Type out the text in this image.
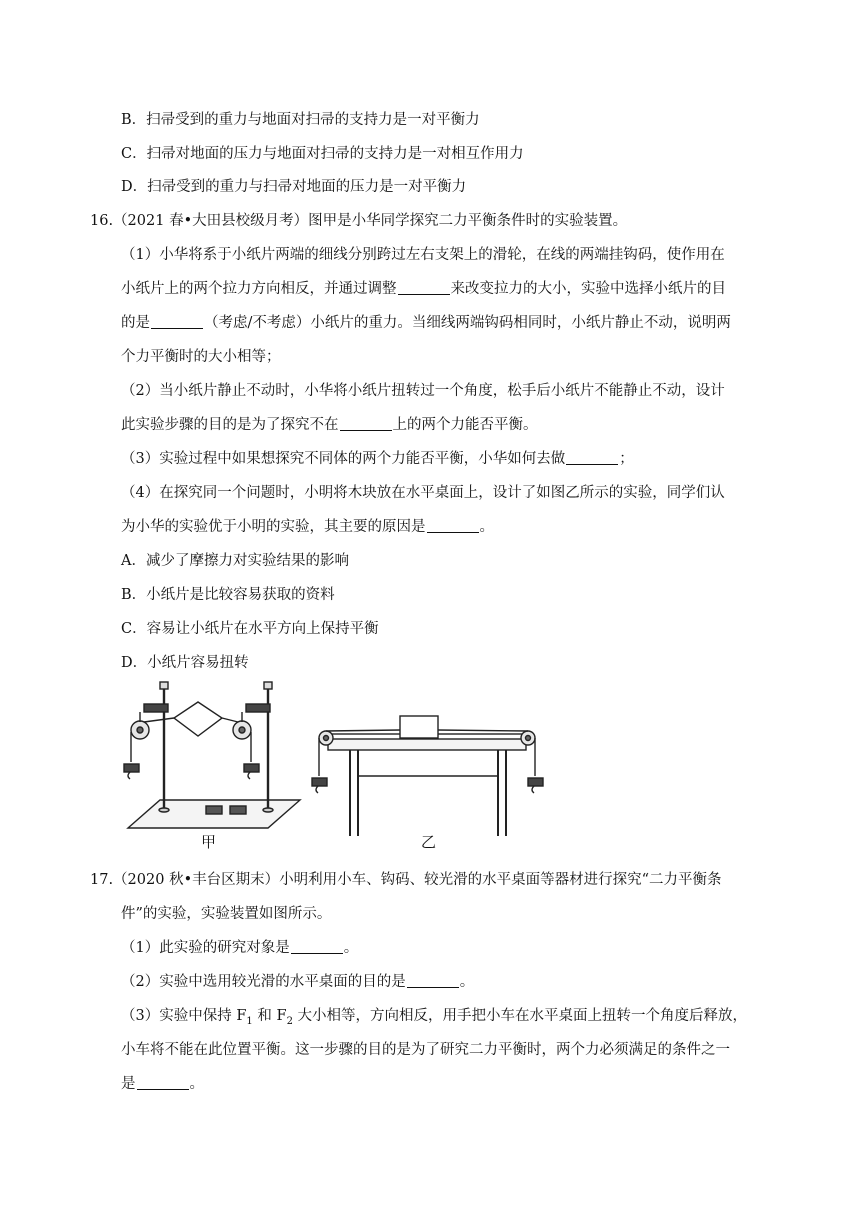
B．扫帚受到的重力与地面对扫帚的支持力是一对平衡力
C．扫帚对地面的压力与地面对扫帚的支持力是一对相互作用力
D．扫帚受到的重力与扫帚对地面的压力是一对平衡力
16.（2021 春•大田县校级月考）图甲是小华同学探究二力平衡条件时的实验装置。
（1）小华将系于小纸片两端的细线分别跨过左右支架上的滑轮，在线的两端挂钩码，使作用在
小纸片上的两个拉力方向相反，并通过调整	来改变拉力的大小，实验中选择小纸片的目
的是	（考虑/不考虑）小纸片的重力。当细线两端钩码相同时，小纸片静止不动，说明两
个力平衡时的大小相等；
（2）当小纸片静止不动时，小华将小纸片扭转过一个角度，松手后小纸片不能静止不动，设计
此实验步骤的目的是为了探究不在	上的两个力能否平衡。
（3）实验过程中如果想探究不同体的两个力能否平衡，小华如何去做	；
（4）在探究同一个问题时，小明将木块放在水平桌面上，设计了如图乙所示的实验，同学们认
为小华的实验优于小明的实验，其主要的原因是	。
A．减少了摩擦力对实验结果的影响
B．小纸片是比较容易获取的资料
C．容易让小纸片在水平方向上保持平衡
D．小纸片容易扭转
甲	乙
17.（2020 秋•丰台区期末）小明利用小车、钩码、较光滑的水平桌面等器材进行探究“二力平衡条
件”的实验，实验装置如图所示。
（1）此实验的研究对象是	。
（2）实验中选用较光滑的水平桌面的目的是	。
（3）实验中保持 $F_1$ 和 $F_2$ 大小相等，方向相反，用手把小车在水平桌面上扭转一个角度后释放，
小车将不能在此位置平衡。这一步骤的目的是为了研究二力平衡时，两个力必须满足的条件之一
是	。
